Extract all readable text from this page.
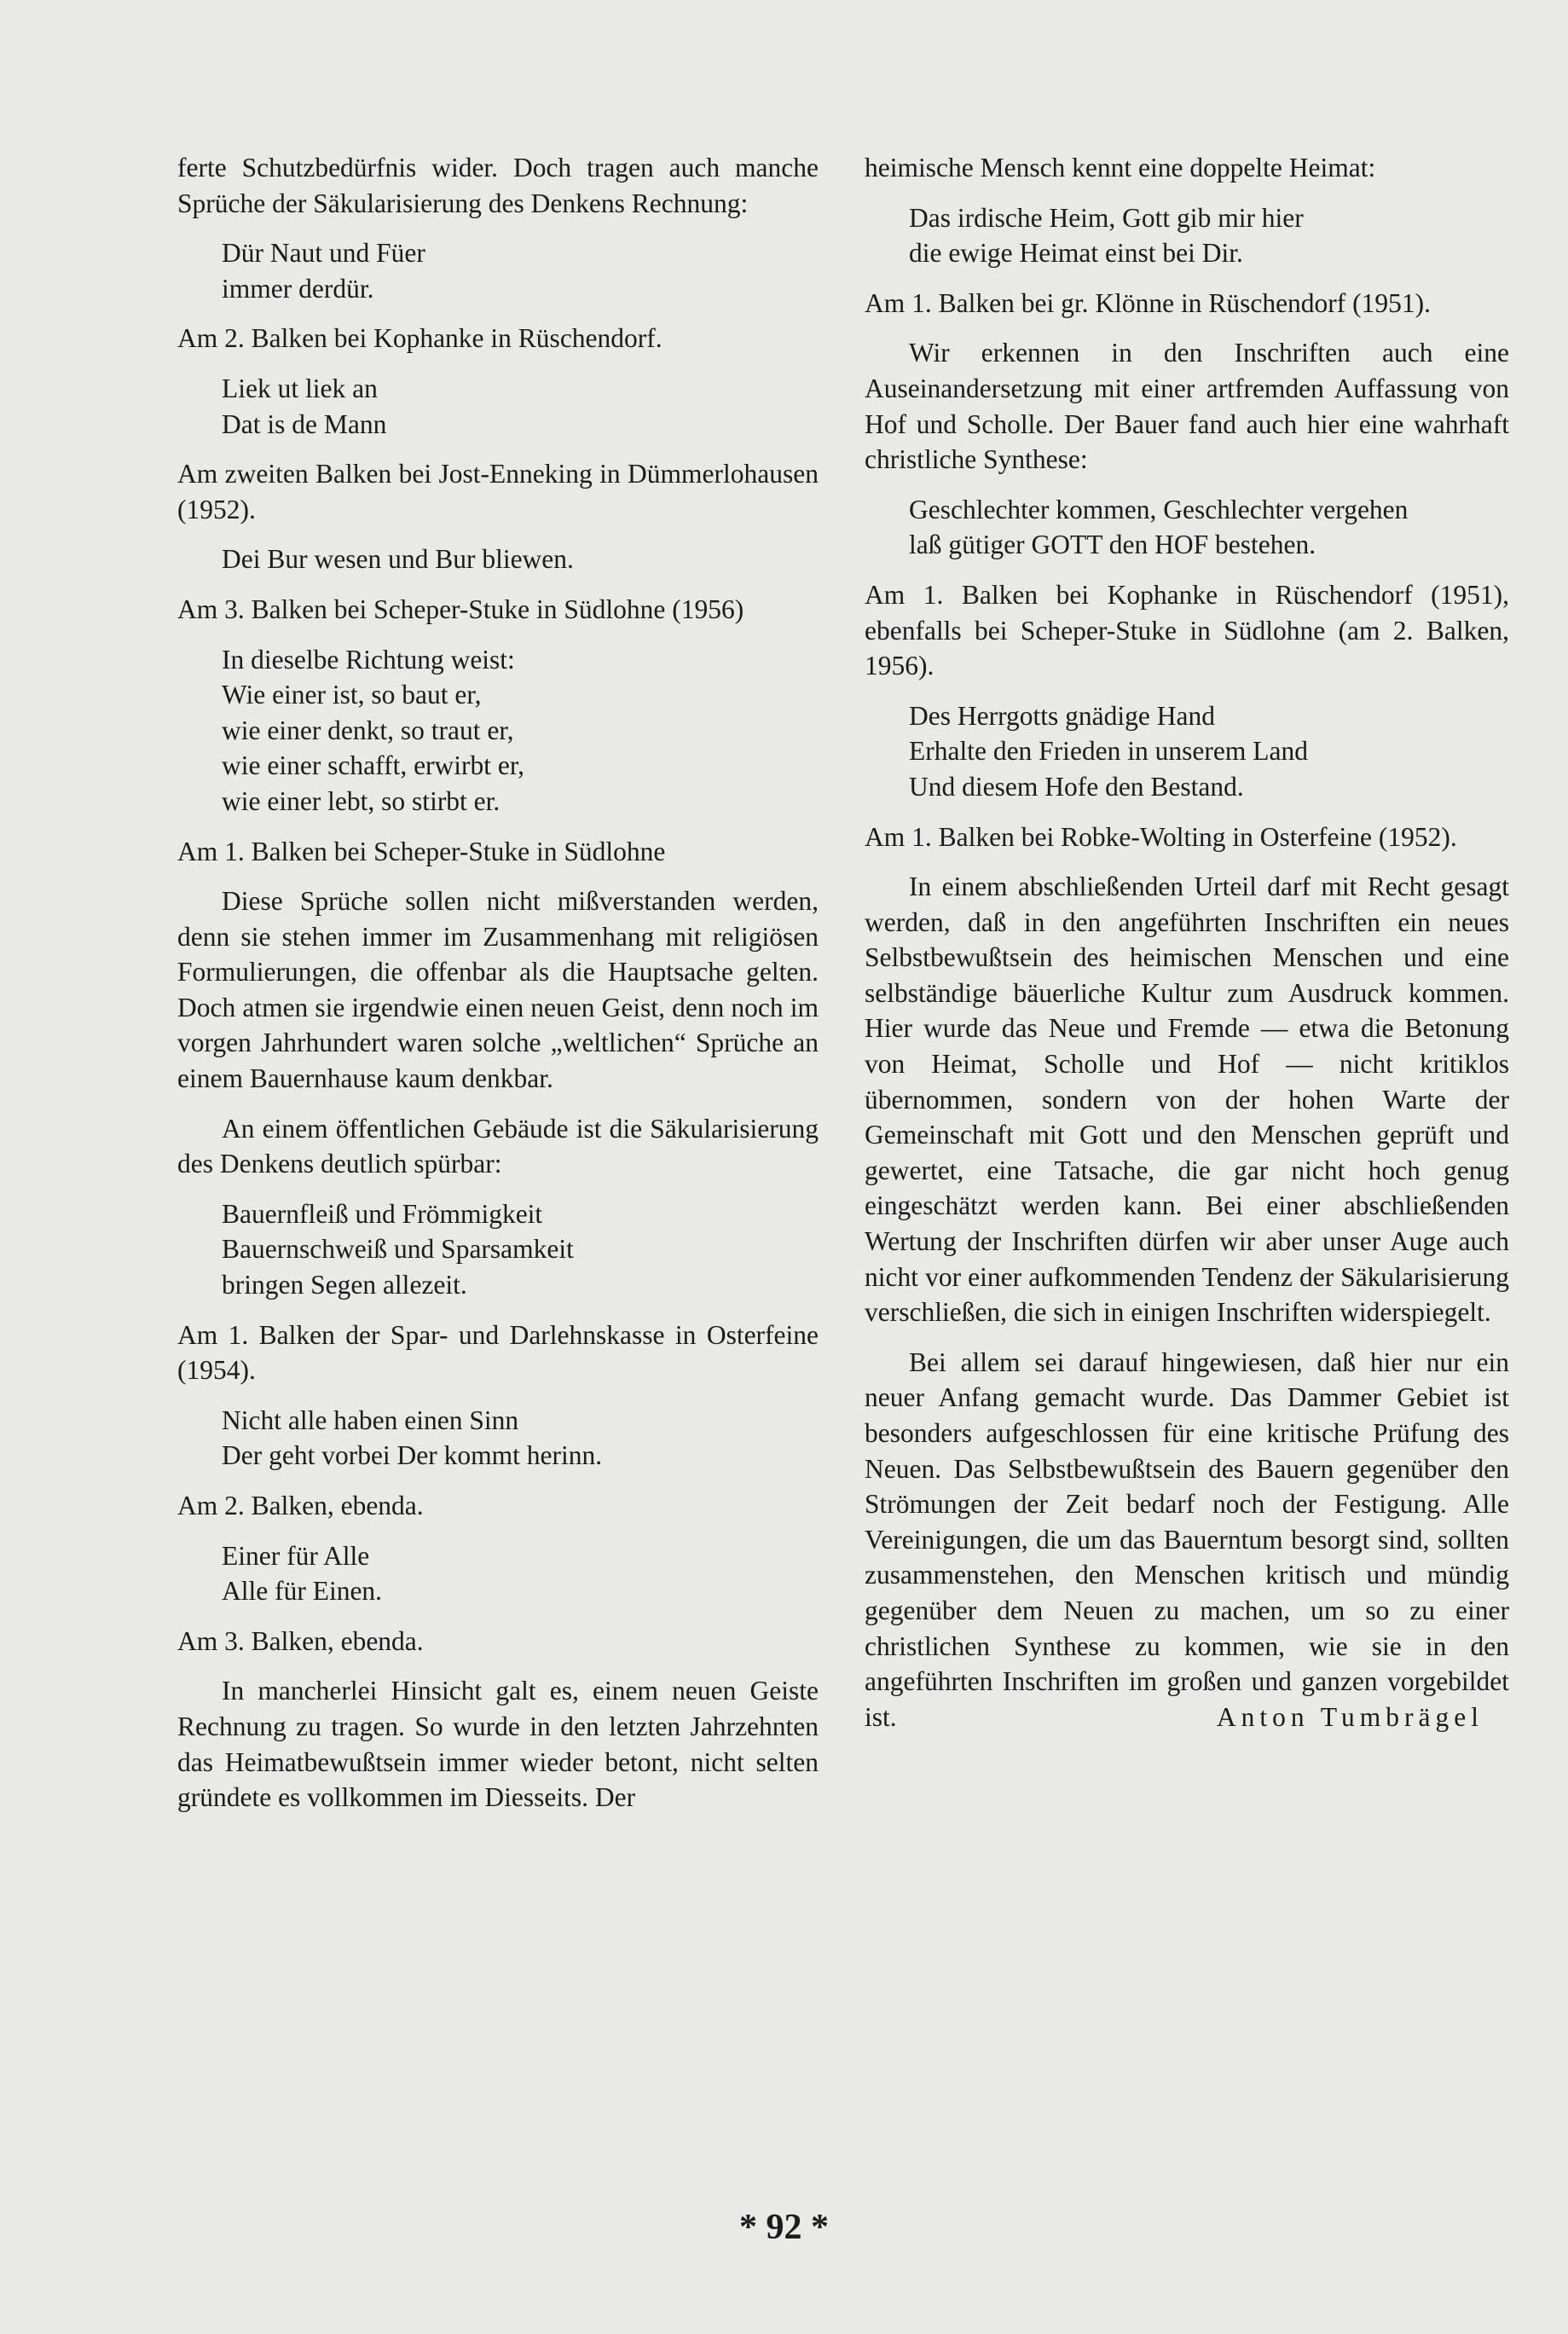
ferte Schutzbedürfnis wider. Doch tragen auch manche Sprüche der Säkularisierung des Denkens Rechnung:

Dür Naut und Füer
immer derdür.

Am 2. Balken bei Kophanke in Rüschendorf.

Liek ut liek an
Dat is de Mann

Am zweiten Balken bei Jost-Enneking in Dümmerlohausen (1952).

Dei Bur wesen und Bur bliewen.

Am 3. Balken bei Scheper-Stuke in Südlohne (1956)

In dieselbe Richtung weist:
Wie einer ist, so baut er,
wie einer denkt, so traut er,
wie einer schafft, erwirbt er,
wie einer lebt, so stirbt er.

Am 1. Balken bei Scheper-Stuke in Südlohne

Diese Sprüche sollen nicht mißverstanden werden, denn sie stehen immer im Zusammenhang mit religiösen Formulierungen, die offenbar als die Hauptsache gelten. Doch atmen sie irgendwie einen neuen Geist, denn noch im vorgen Jahrhundert waren solche „weltlichen“ Sprüche an einem Bauernhause kaum denkbar.

An einem öffentlichen Gebäude ist die Säkularisierung des Denkens deutlich spürbar:

Bauernfleiß und Frömmigkeit
Bauernschweiß und Sparsamkeit
bringen Segen allezeit.

Am 1. Balken der Spar- und Darlehnskasse in Osterfeine (1954).

Nicht alle haben einen Sinn
Der geht vorbei Der kommt herinn.

Am 2. Balken, ebenda.

Einer für Alle
Alle für Einen.

Am 3. Balken, ebenda.

In mancherlei Hinsicht galt es, einem neuen Geiste Rechnung zu tragen. So wurde in den letzten Jahrzehnten das Heimatbewußtsein immer wieder betont, nicht selten gründete es vollkommen im Diesseits. Der

heimische Mensch kennt eine doppelte Heimat:

Das irdische Heim, Gott gib mir hier
die ewige Heimat einst bei Dir.

Am 1. Balken bei gr. Klönne in Rüschendorf (1951).

Wir erkennen in den Inschriften auch eine Auseinandersetzung mit einer artfremden Auffassung von Hof und Scholle. Der Bauer fand auch hier eine wahrhaft christliche Synthese:

Geschlechter kommen, Geschlechter vergehen
laß gütiger GOTT den HOF bestehen.

Am 1. Balken bei Kophanke in Rüschendorf (1951), ebenfalls bei Scheper-Stuke in Südlohne (am 2. Balken, 1956).

Des Herrgotts gnädige Hand
Erhalte den Frieden in unserem Land
Und diesem Hofe den Bestand.

Am 1. Balken bei Robke-Wolting in Osterfeine (1952).

In einem abschließenden Urteil darf mit Recht gesagt werden, daß in den angeführten Inschriften ein neues Selbstbewußtsein des heimischen Menschen und eine selbständige bäuerliche Kultur zum Ausdruck kommen. Hier wurde das Neue und Fremde — etwa die Betonung von Heimat, Scholle und Hof — nicht kritiklos übernommen, sondern von der hohen Warte der Gemeinschaft mit Gott und den Menschen geprüft und gewertet, eine Tatsache, die gar nicht hoch genug eingeschätzt werden kann. Bei einer abschließenden Wertung der Inschriften dürfen wir aber unser Auge auch nicht vor einer aufkommenden Tendenz der Säkularisierung verschließen, die sich in einigen Inschriften widerspiegelt.

Bei allem sei darauf hingewiesen, daß hier nur ein neuer Anfang gemacht wurde. Das Dammer Gebiet ist besonders aufgeschlossen für eine kritische Prüfung des Neuen. Das Selbstbewußtsein des Bauern gegenüber den Strömungen der Zeit bedarf noch der Festigung. Alle Vereinigungen, die um das Bauerntum besorgt sind, sollten zusammenstehen, den Menschen kritisch und mündig gegenüber dem Neuen zu machen, um so zu einer christlichen Synthese zu kommen, wie sie in den angeführten Inschriften im großen und ganzen vorgebildet ist.	Anton Tumbrägel
* 92 *
